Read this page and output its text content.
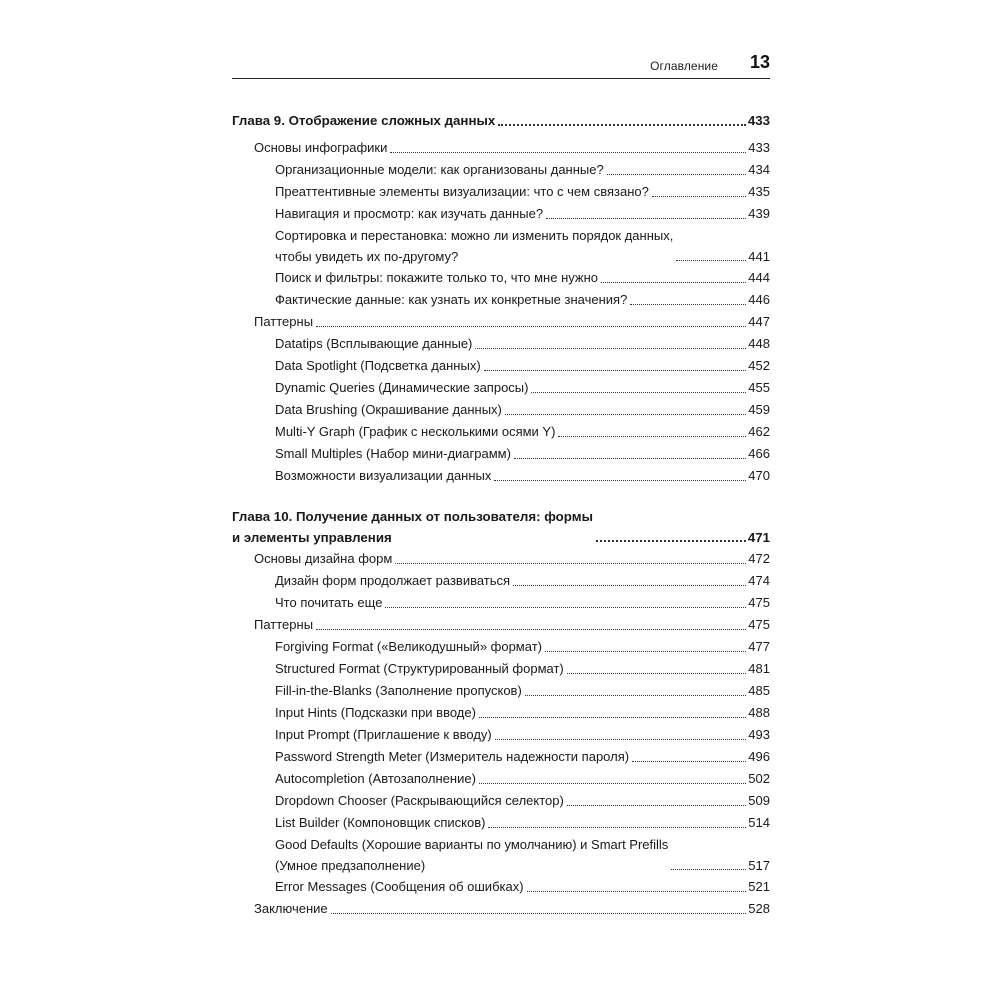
Оглавление 13
Глава 9. Отображение сложных данных	433
Основы инфографики	433
Организационные модели: как организованы данные?	434
Преаттентивные элементы визуализации: что с чем связано?	435
Навигация и просмотр: как изучать данные?	439
Сортировка и перестановка: можно ли изменить порядок данных,
чтобы увидеть их по-другому?	441
Поиск и фильтры: покажите только то, что мне нужно	444
Фактические данные: как узнать их конкретные значения?	446
Паттерны	447
Datatips (Всплывающие данные)	448
Data Spotlight (Подсветка данных)	452
Dynamic Queries (Динамические запросы)	455
Data Brushing (Окрашивание данных)	459
Multi-Y Graph (График с несколькими осями Y)	462
Small Multiples (Набор мини-диаграмм)	466
Возможности визуализации данных	470
Глава 10. Получение данных от пользователя: формы
и элементы управления	471
Основы дизайна форм	472
Дизайн форм продолжает развиваться	474
Что почитать еще	475
Паттерны	475
Forgiving Format («Великодушный» формат)	477
Structured Format (Структурированный формат)	481
Fill-in-the-Blanks (Заполнение пропусков)	485
Input Hints (Подсказки при вводе)	488
Input Prompt (Приглашение к вводу)	493
Password Strength Meter (Измеритель надежности пароля)	496
Autocompletion (Автозаполнение)	502
Dropdown Chooser (Раскрывающийся селектор)	509
List Builder (Компоновщик списков)	514
Good Defaults (Хорошие варианты по умолчанию) и Smart Prefills
(Умное предзаполнение)	517
Error Messages (Сообщения об ошибках)	521
Заключение	528
